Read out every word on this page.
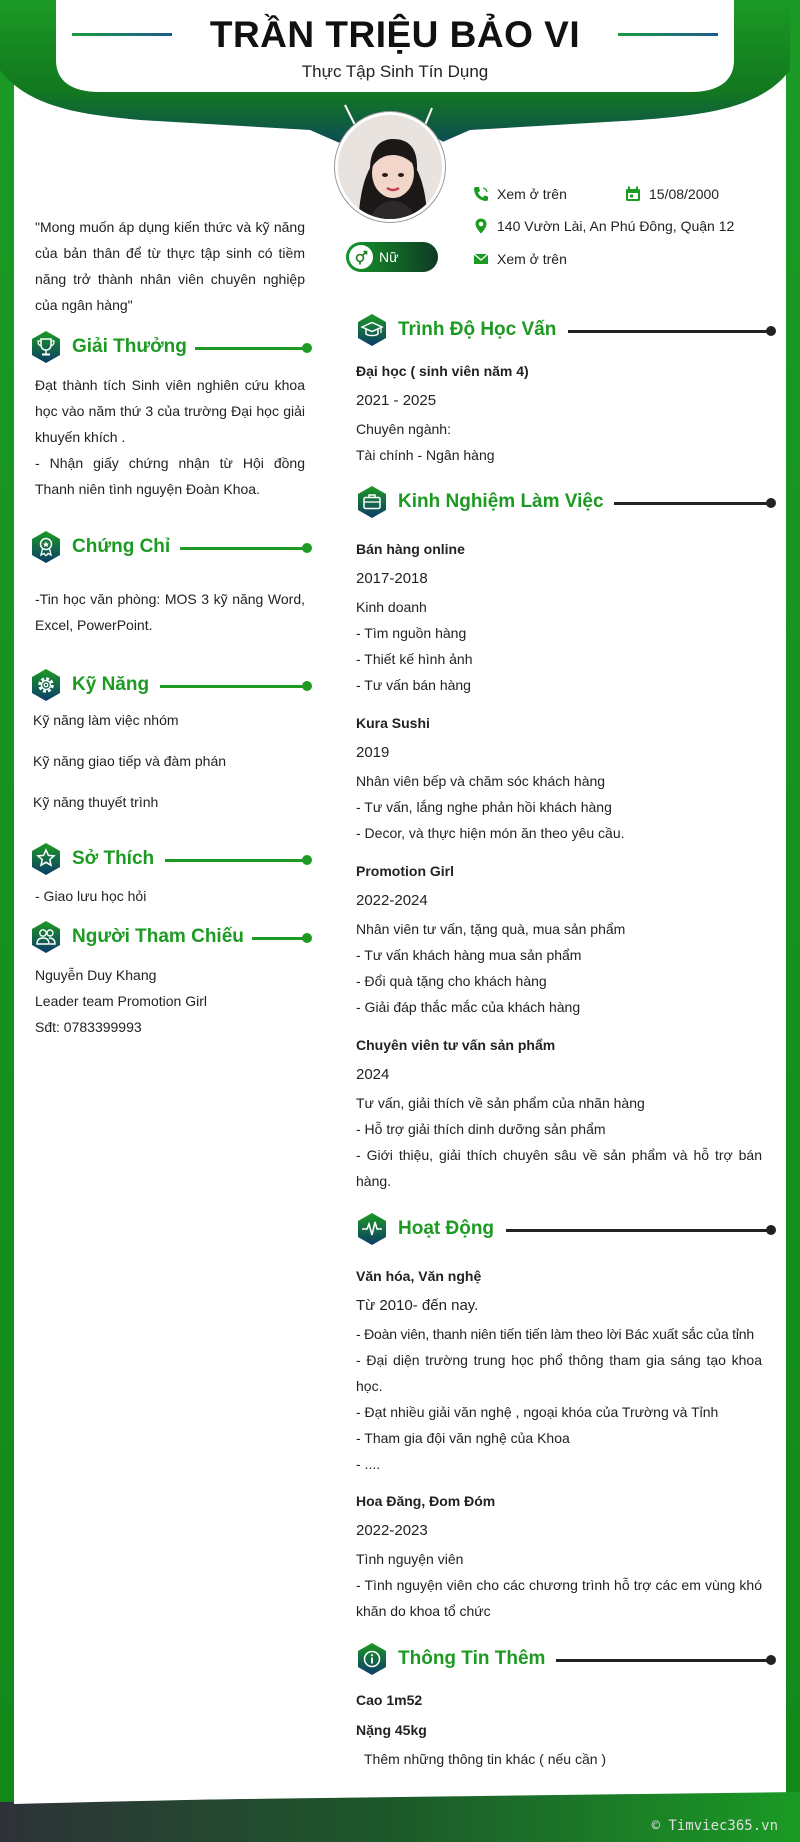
TRẦN TRIỆU BẢO VI
Thực Tập Sinh Tín Dụng
Xem ở trên	15/08/2000
140 Vườn Lài, An Phú Đông, Quận 12
Xem ở trên
Nữ
"Mong muốn áp dụng kiến thức và kỹ năng của bản thân để từ thực tập sinh có tiềm năng trở thành nhân viên chuyên nghiệp của ngân hàng"
Giải Thưởng
Đạt thành tích Sinh viên nghiên cứu khoa học vào năm thứ 3 của trường Đại học giải khuyến khích .
- Nhận giấy chứng nhận từ Hội đồng Thanh niên tình nguyện Đoàn Khoa.
Chứng Chỉ
-Tin học văn phòng: MOS 3 kỹ năng Word, Excel, PowerPoint.
Kỹ Năng
Kỹ năng làm việc nhóm
Kỹ năng giao tiếp và đàm phán
Kỹ năng thuyết trình
Sở Thích
- Giao lưu học hỏi
Người Tham Chiếu
Nguyễn Duy Khang
Leader team Promotion Girl
Sđt: 0783399993
Trình Độ Học Vấn
Đại học ( sinh viên năm 4)
2021 - 2025
Chuyên ngành:
Tài chính - Ngân hàng
Kinh Nghiệm Làm Việc
Bán hàng online
2017-2018
Kinh doanh
- Tìm nguồn hàng
- Thiết kế hình ảnh
- Tư vấn bán hàng
Kura Sushi
2019
Nhân viên bếp và chăm sóc khách hàng
- Tư vấn, lắng nghe phản hồi khách hàng
- Decor, và thực hiện món ăn theo yêu cầu.
Promotion Girl
2022-2024
Nhân viên tư vấn, tặng quà, mua sản phẩm
- Tư vấn khách hàng mua sản phẩm
- Đổi quà tặng cho khách hàng
- Giải đáp thắc mắc của khách hàng
Chuyên viên tư vấn sản phẩm
2024
Tư vấn, giải thích về sản phẩm của nhãn hàng
- Hỗ trợ giải thích dinh dưỡng sản phẩm
- Giới thiệu, giải thích chuyên sâu về sản phẩm và hỗ trợ bán hàng.
Hoạt Động
Văn hóa, Văn nghệ
Từ 2010- đến nay.
- Đoàn viên, thanh niên tiến tiến làm theo lời Bác xuất sắc của tỉnh
- Đại diện trường trung học phổ thông tham gia sáng tạo khoa học.
- Đạt nhiều giải văn nghệ , ngoại khóa của Trường và Tỉnh
- Tham gia đội văn nghệ của Khoa
- ....
Hoa Đăng, Đom Đóm
2022-2023
Tình nguyện viên
- Tình nguyện viên cho các chương trình hỗ trợ các em vùng khó khăn do khoa tổ chức
Thông Tin Thêm
Cao 1m52
Nặng 45kg
Thêm những thông tin khác ( nếu cần )
© Timviec365.vn
